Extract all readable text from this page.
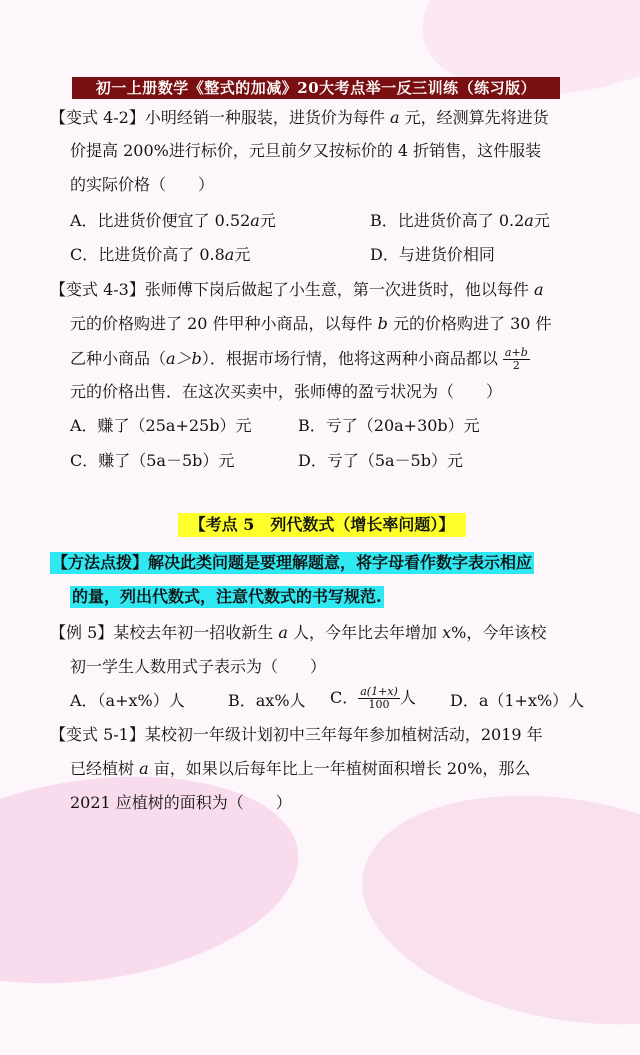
初一上册数学《整式的加减》20大考点举一反三训练（练习版）
【变式 4-2】小明经销一种服装，进货价为每件 a 元，经测算先将进货
价提高 200%进行标价，元旦前夕又按标价的 4 折销售，这件服装
的实际价格（　　）
A．比进货价便宜了 0.52a元	B．比进货价高了 0.2a元
C．比进货价高了 0.8a元	D．与进货价相同
【变式 4-3】张师傅下岗后做起了小生意，第一次进货时，他以每件 a
元的价格购进了 20 件甲种小商品，以每件 b 元的价格购进了 30 件
乙种小商品（a＞b）．根据市场行情，他将这两种小商品都以 $\frac{a+b}{2}$
元的价格出售．在这次买卖中，张师傅的盈亏状况为（　　）
A．赚了（25a+25b）元	B．亏了（20a+30b）元
C．赚了（5a－5b）元	D．亏了（5a－5b）元
【考点 5　列代数式（增长率问题）】
【方法点拨】解决此类问题是要理解题意，将字母看作数字表示相应
的量，列出代数式，注意代数式的书写规范.
【例 5】某校去年初一招收新生 a 人，今年比去年增加 x%，今年该校
初一学生人数用式子表示为（　　）
A．（a+x%）人	B．ax%人 C． $\frac{a(1+x)}{100}$ 人 D．a（1+x%）人
【变式 5-1】某校初一年级计划初中三年每年参加植树活动，2019 年
已经植树 a 亩，如果以后每年比上一年植树面积增长 20%，那么
2021 应植树的面积为（　　）
